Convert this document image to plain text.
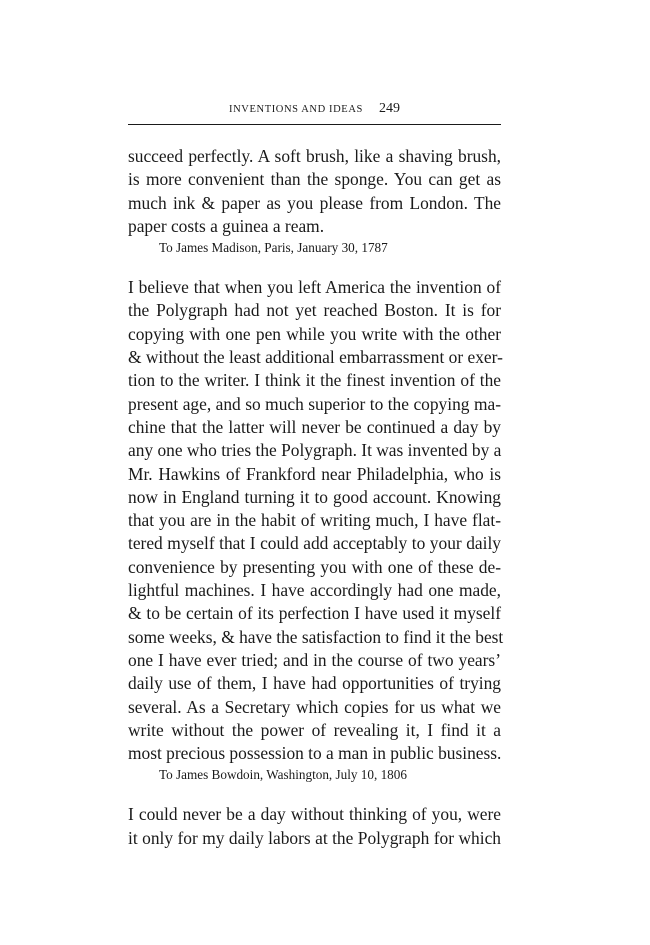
INVENTIONS AND IDEAS 249
succeed perfectly. A soft brush, like a shaving brush,
is more convenient than the sponge. You can get as
much ink & paper as you please from London. The
paper costs a guinea a ream.
To James Madison, Paris, January 30, 1787
I believe that when you left America the invention of
the Polygraph had not yet reached Boston. It is for
copying with one pen while you write with the other
& without the least additional embarrassment or exer-
tion to the writer. I think it the finest invention of the
present age, and so much superior to the copying ma-
chine that the latter will never be continued a day by
any one who tries the Polygraph. It was invented by a
Mr. Hawkins of Frankford near Philadelphia, who is
now in England turning it to good account. Knowing
that you are in the habit of writing much, I have flat-
tered myself that I could add acceptably to your daily
convenience by presenting you with one of these de-
lightful machines. I have accordingly had one made,
& to be certain of its perfection I have used it myself
some weeks, & have the satisfaction to find it the best
one I have ever tried; and in the course of two years’
daily use of them, I have had opportunities of trying
several. As a Secretary which copies for us what we
write without the power of revealing it, I find it a
most precious possession to a man in public business.
To James Bowdoin, Washington, July 10, 1806
I could never be a day without thinking of you, were
it only for my daily labors at the Polygraph for which
